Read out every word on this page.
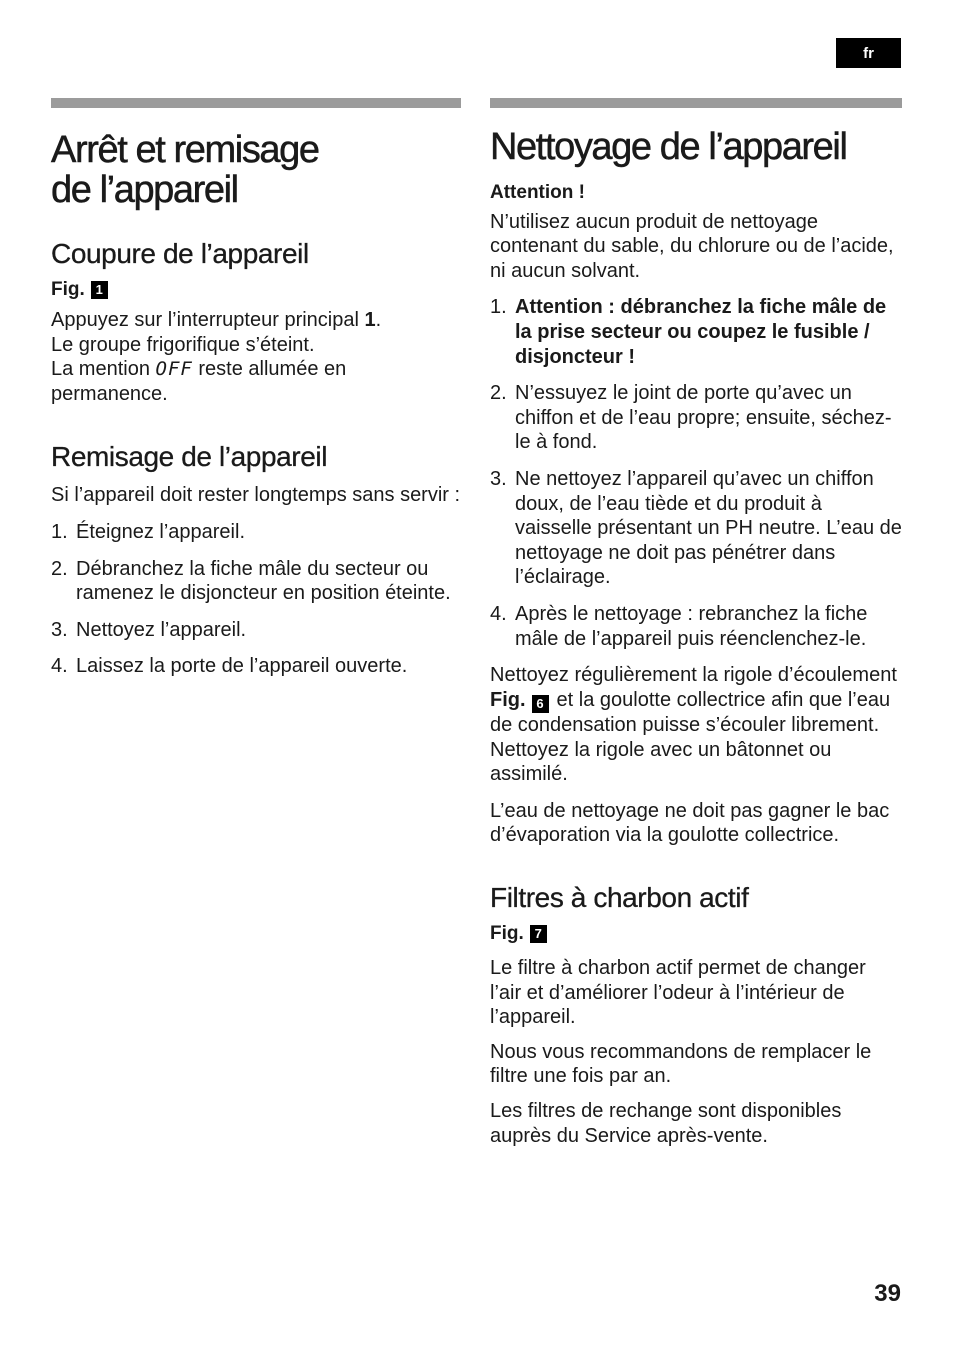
fr
Arrêt et remisage
de l’appareil
Coupure de l’appareil
Fig. 1

Appuyez sur l’interrupteur principal 1.

Le groupe frigorifique s’éteint.

La mention OFF reste allumée en

permanence.

Remisage de l’appareil

Si l’appareil doit rester longtemps sans servir :

1. Éteignez l’appareil.
2. Débranchez la fiche mâle du secteur ou ramenez le disjoncteur en position éteinte.
3. Nettoyez l’appareil.
4. Laissez la porte de l’appareil ouverte.
Nettoyage de l’appareil

Attention !

N’utilisez aucun produit de nettoyage contenant du sable, du chlorure ou de l’acide, ni aucun solvant.

1. Attention : débranchez la fiche mâle de la prise secteur ou coupez le fusible / disjoncteur !
2. N’essuyez le joint de porte qu’avec un chiffon et de l’eau propre; ensuite, séchez-le à fond.
3. Ne nettoyez l’appareil qu’avec un chiffon doux, de l’eau tiède et du produit à vaisselle présentant un PH neutre. L’eau de nettoyage ne doit pas pénétrer dans l’éclairage.
4. Après le nettoyage : rebranchez la fiche mâle de l’appareil puis réenclenchez-le.

Nettoyez régulièrement la rigole d’écoulement Fig. 6 et la goulotte collectrice afin que l’eau de condensation puisse s’écouler librement. Nettoyez la rigole avec un bâtonnet ou assimilé.

L’eau de nettoyage ne doit pas gagner le bac d’évaporation via la goulotte collectrice.

Filtres à charbon actif
Fig. 7

Le filtre à charbon actif permet de changer l’air et d’améliorer l’odeur à l’intérieur de l’appareil.

Nous vous recommandons de remplacer le filtre une fois par an.

Les filtres de rechange sont disponibles auprès du Service après-vente.

39
